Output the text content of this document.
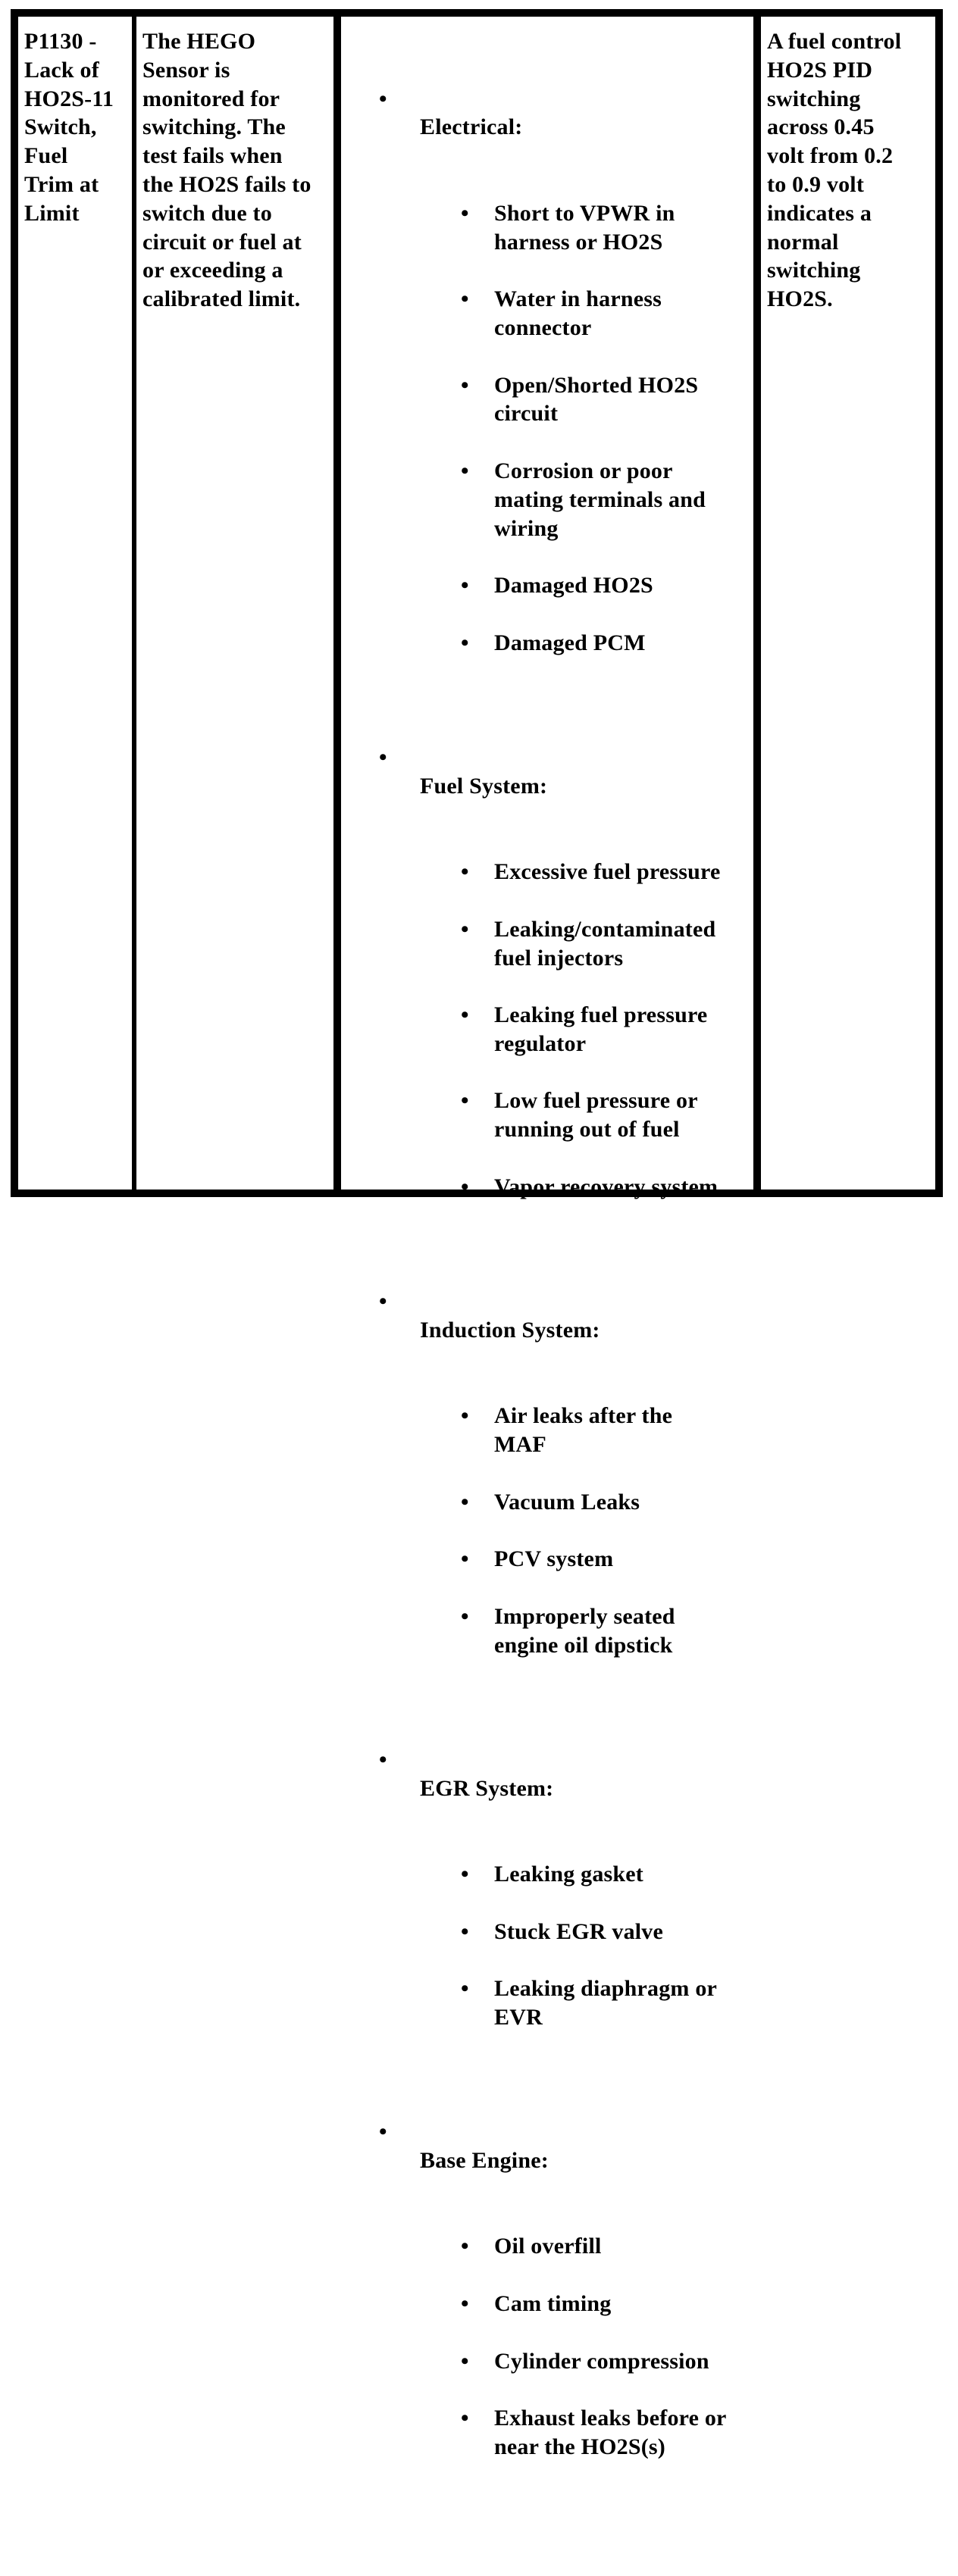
P1130 -
Lack of
HO2S-11
Switch,
Fuel
Trim at
Limit
The HEGO
Sensor is
monitored for
switching. The
test fails when
the HO2S fails to
switch due to
circuit or fuel at
or exceeding a
calibrated limit.

• Electrical:

• Short to VPWR in
harness or HO2S

• Water in harness
connector

• Open/Shorted HO2S
circuit

• Corrosion or poor
mating terminals and
wiring

• Damaged HO2S

• Damaged PCM

• Fuel System:

• Excessive fuel pressure

• Leaking/contaminated
fuel injectors

• Leaking fuel pressure
regulator

• Low fuel pressure or
running out of fuel

• Vapor recovery system

• Induction System:

• Air leaks after the
MAF

• Vacuum Leaks

• PCV system

• Improperly seated
engine oil dipstick

• EGR System:

• Leaking gasket

• Stuck EGR valve

• Leaking diaphragm or
EVR

• Base Engine:

• Oil overfill

• Cam timing

• Cylinder compression

• Exhaust leaks before or
near the HO2S(s)

A fuel control
HO2S PID
switching
across 0.45
volt from 0.2
to 0.9 volt
indicates a
normal
switching
HO2S.
